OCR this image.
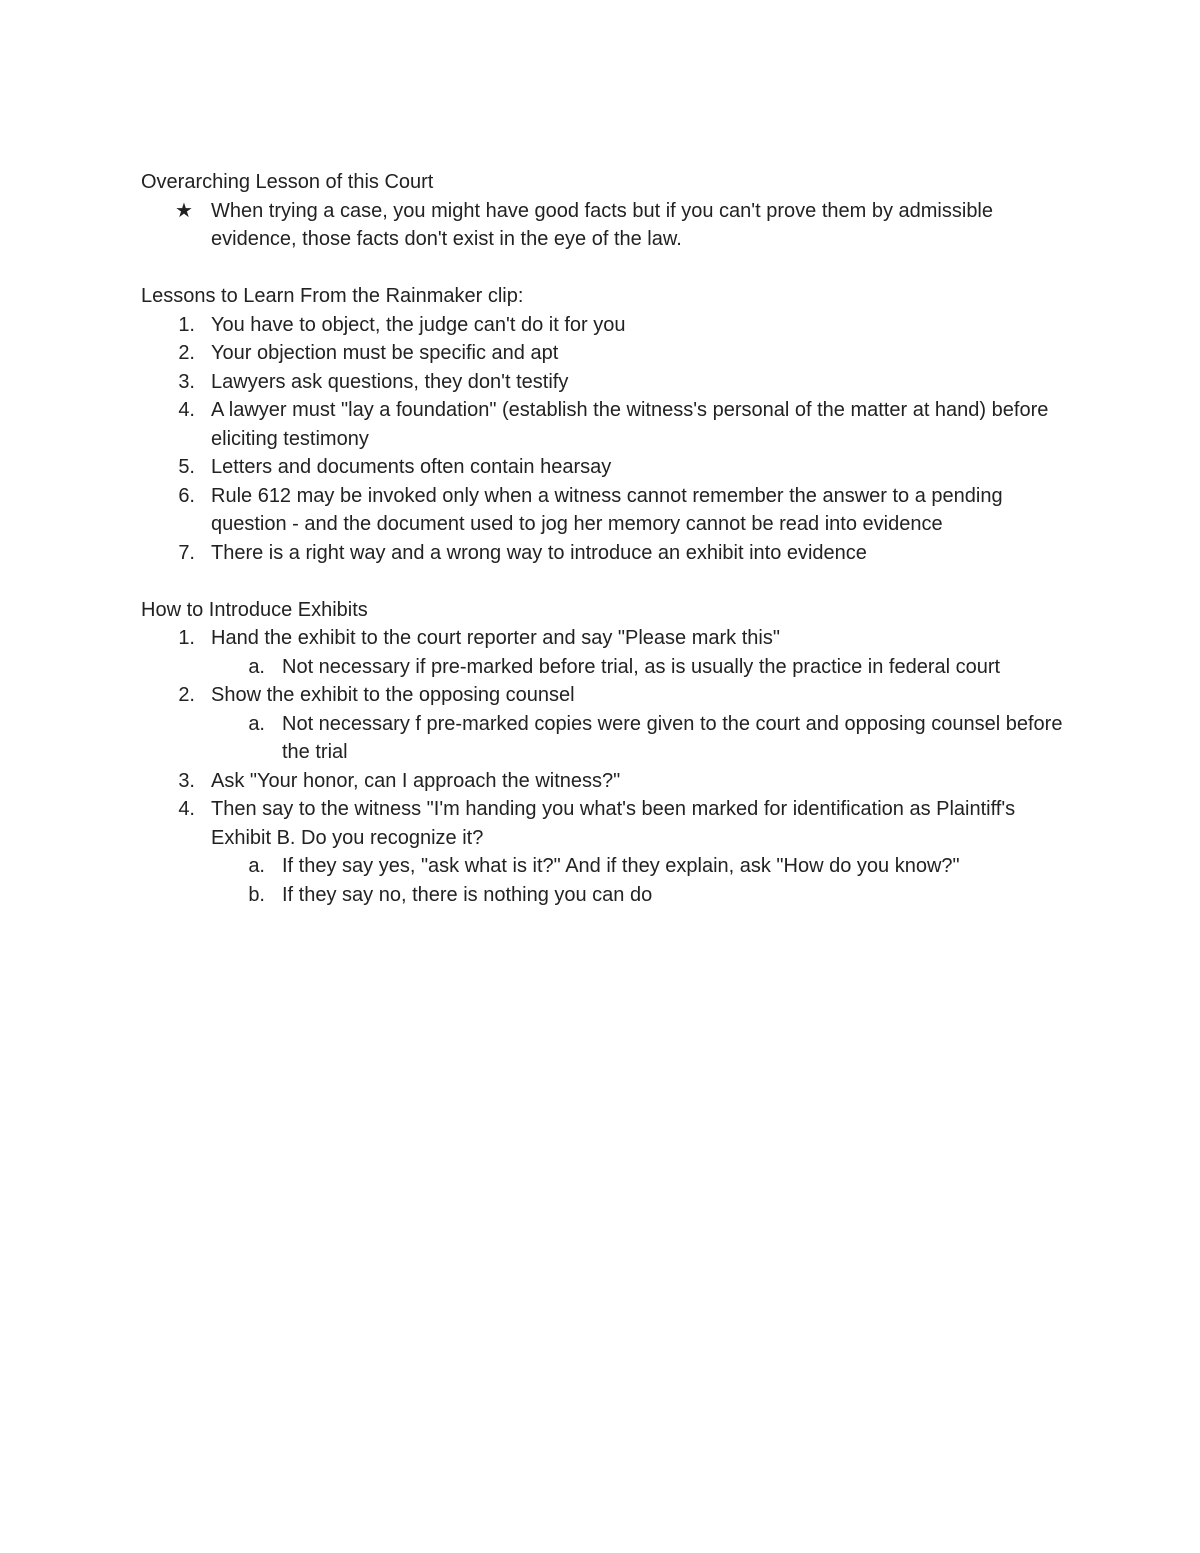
Overarching Lesson of this Court
★ When trying a case, you might have good facts but if you can't prove them by admissible evidence, those facts don't exist in the eye of the law.
Lessons to Learn From the Rainmaker clip:
1. You have to object, the judge can't do it for you
2. Your objection must be specific and apt
3. Lawyers ask questions, they don't testify
4. A lawyer must "lay a foundation" (establish the witness's personal of the matter at hand) before eliciting testimony
5. Letters and documents often contain hearsay
6. Rule 612 may be invoked only when a witness cannot remember the answer to a pending question - and the document used to jog her memory cannot be read into evidence
7. There is a right way and a wrong way to introduce an exhibit into evidence
How to Introduce Exhibits
1. Hand the exhibit to the court reporter and say "Please mark this"
a. Not necessary if pre-marked before trial, as is usually the practice in federal court
2. Show the exhibit to the opposing counsel
a. Not necessary f pre-marked copies were given to the court and opposing counsel before the trial
3. Ask "Your honor, can I approach the witness?"
4. Then say to the witness "I'm handing you what's been marked for identification as Plaintiff's Exhibit B. Do you recognize it?
a. If they say yes, "ask what is it?" And if they explain, ask "How do you know?"
b. If they say no, there is nothing you can do
